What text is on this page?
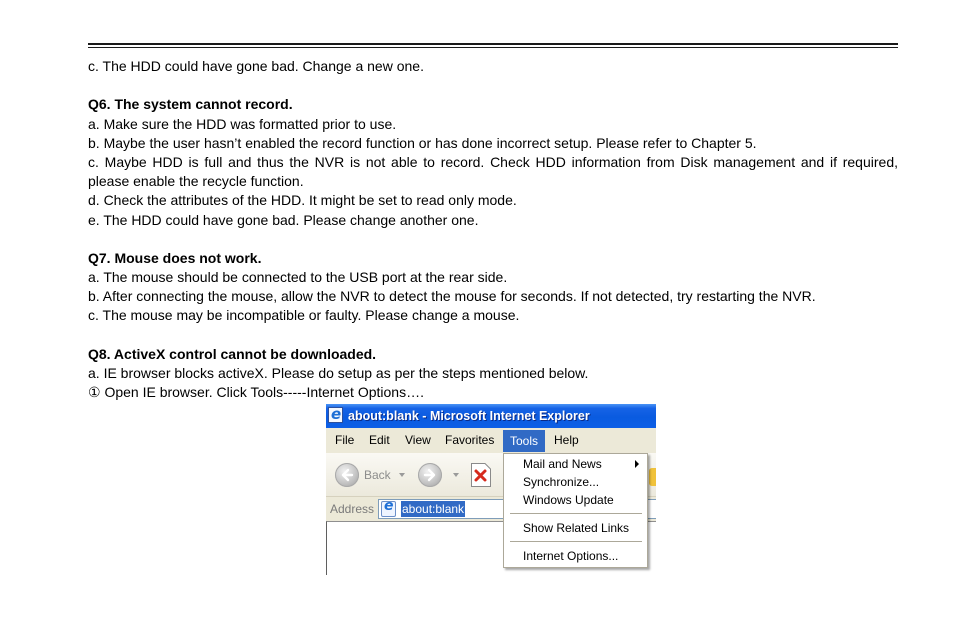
c. The HDD could have gone bad. Change a new one.

Q6. The system cannot record.

a. Make sure the HDD was formatted prior to use.

b. Maybe the user hasn’t enabled the record function or has done incorrect setup. Please refer to Chapter 5.

c. Maybe HDD is full and thus the NVR is not able to record. Check HDD information from Disk management and if required,

please enable the recycle function.

d. Check the attributes of the HDD. It might be set to read only mode.

e. The HDD could have gone bad. Please change another one.

Q7. Mouse does not work.

a. The mouse should be connected to the USB port at the rear side.

b. After connecting the mouse, allow the NVR to detect the mouse for seconds. If not detected, try restarting the NVR.

c. The mouse may be incompatible or faulty. Please change a mouse.

Q8. ActiveX control cannot be downloaded.

a. IE browser blocks activeX. Please do setup as per the steps mentioned below.

① Open IE browser. Click Tools-----Internet Options….

e
about:blank - Microsoft Internet Explorer
File Edit View Favorites	Tools	Help
Back
Address
e about:blank
Mail and News
Synchronize...
Windows Update
Show Related Links
Internet Options...
